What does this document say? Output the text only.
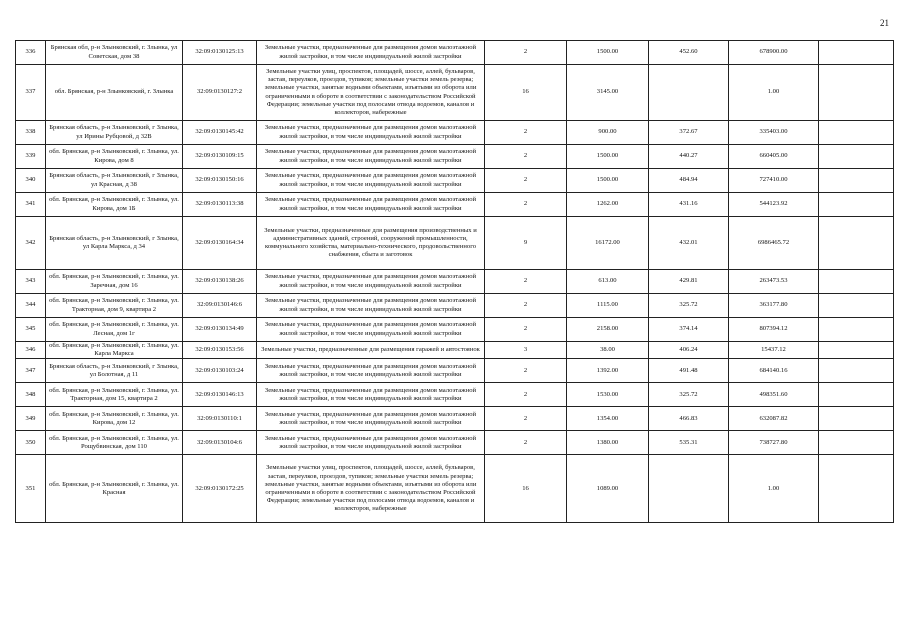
21
336	Брянская обл, р-н Злынковский, г. Злынка, ул Советская, дом 38	32:09:0130125:13	Земельные участки, предназначенные для размещения домов малоэтажной жилой застройки, в том числе индивидуальной жилой застройки	2	1500.00	452.60	678900.00	
337	обл. Брянская, р-н Злынковский, г. Злынка	32:09:0130127:2	Земельные участки улиц, проспектов, площадей, шоссе, аллей, бульваров, застав, переулков, проездов, тупиков; земельные участки земель резерва; земельные участки, занятые водными объектами, изъятыми из оборота или ограниченными в обороте в соответствии с законодательством Российской Федерации; земельные участки под полосами отвода водоемов, каналов и коллекторов, набережные	16	3145.00		1.00	
338	Брянская область, р-н Злынковский, г Злынка, ул Ирины Рубцовой, д 32В	32:09:0130145:42	Земельные участки, предназначенные для размещения домов малоэтажной жилой застройки, в том числе индивидуальной жилой застройки	2	900.00	372.67	335403.00	
339	обл. Брянская, р-н Злынковский, г. Злынка, ул. Кирова, дом 8	32:09:0130109:15	Земельные участки, предназначенные для размещения домов малоэтажной жилой застройки, в том числе индивидуальной жилой застройки	2	1500.00	440.27	660405.00	
340	Брянская область, р-н Злынковский, г Злынка, ул Красная, д 38	32:09:0130150:16	Земельные участки, предназначенные для размещения домов малоэтажной жилой застройки, в том числе индивидуальной жилой застройки	2	1500.00	484.94	727410.00	
341	обл. Брянская, р-н Злынковский, г. Злынка, ул. Кирова, дом 1Б	32:09:0130113:38	Земельные участки, предназначенные для размещения домов малоэтажной жилой застройки, в том числе индивидуальной жилой застройки	2	1262.00	431.16	544123.92	
342	Брянская область, р-н Злынковский, г Злынка, ул Карла Маркса, д 34	32:09:0130164:34	Земельные участки, предназначенные для размещения производственных и административных зданий, строений, сооружений промышленности, коммунального хозяйства, материально-технического, продовольственного снабжения, сбыта и заготовок	9	16172.00	432.01	6986465.72	
343	обл. Брянская, р-н Злынковский, г. Злынка, ул. Заречная, дом 16	32:09:0130138:26	Земельные участки, предназначенные для размещения домов малоэтажной жилой застройки, в том числе индивидуальной жилой застройки	2	613.00	429.81	263473.53	
344	обл. Брянская, р-н Злынковский, г. Злынка, ул. Тракторная, дом 9, квартира 2	32:09:0130146:6	Земельные участки, предназначенные для размещения домов малоэтажной жилой застройки, в том числе индивидуальной жилой застройки	2	1115.00	325.72	363177.80	
345	обл. Брянская, р-н Злынковский, г. Злынка, ул. Лесная, дом 1г	32:09:0130134:49	Земельные участки, предназначенные для размещения домов малоэтажной жилой застройки, в том числе индивидуальной жилой застройки	2	2158.00	374.14	807394.12	
346	обл. Брянская, р-н Злынковский, г. Злынка, ул. Карла Маркса	32:09:0130153:56	Земельные участки, предназначенные для размещения гаражей и автостоянок	3	38.00	406.24	15437.12	
347	Брянская область, р-н Злынковский, г Злынка, ул Болотная, д 11	32:09:0130103:24	Земельные участки, предназначенные для размещения домов малоэтажной жилой застройки, в том числе индивидуальной жилой застройки	2	1392.00	491.48	684140.16	
348	обл. Брянская, р-н Злынковский, г. Злынка, ул. Тракторная, дом 15, квартира 2	32:09:0130146:13	Земельные участки, предназначенные для размещения домов малоэтажной жилой застройки, в том числе индивидуальной жилой застройки	2	1530.00	325.72	498351.60	
349	обл. Брянская, р-н Злынковский, г. Злынка, ул. Кирова, дом 12	32:09:0130110:1	Земельные участки, предназначенные для размещения домов малоэтажной жилой застройки, в том числе индивидуальной жилой застройки	2	1354.00	466.83	632087.82	
350	обл. Брянская, р-н Злынковский, г. Злынка, ул. Рощубвинская, дом 110	32:09:0130104:6	Земельные участки, предназначенные для размещения домов малоэтажной жилой застройки, в том числе индивидуальной жилой застройки	2	1380.00	535.31	738727.80	
351	обл. Брянская, р-н Злынковский, г. Злынка, ул. Красная	32:09:0130172:25	Земельные участки улиц, проспектов, площадей, шоссе, аллей, бульваров, застав, переулков, проездов, тупиков; земельные участки земель резерва; земельные участки, занятые водными объектами, изъятыми из оборота или ограниченными в обороте в соответствии с законодательством Российской Федерации; земельные участки под полосами отвода водоемов, каналов и коллекторов, набережные	16	1089.00		1.00	
